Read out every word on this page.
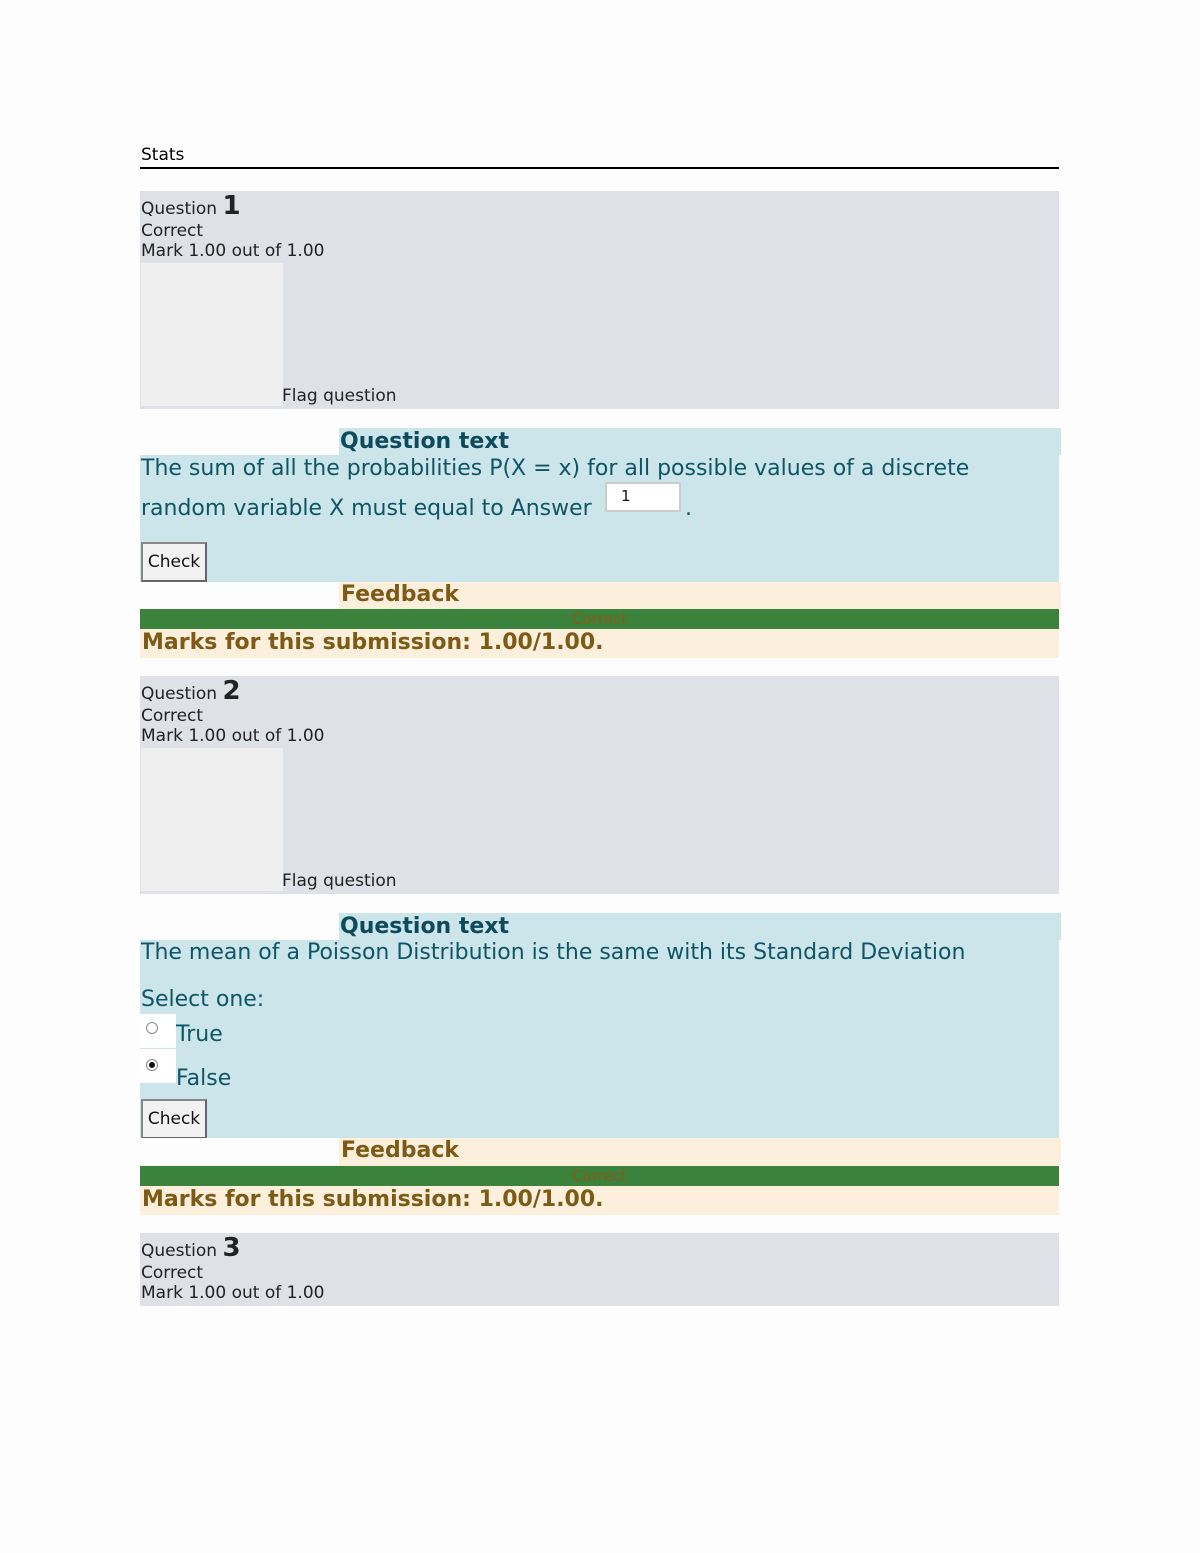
Stats
Question 1
Correct
Mark 1.00 out of 1.00
Flag question
Question text
The sum of all the probabilities P(X = x) for all possible values of a discrete
random variable X must equal to Answer	1	.
Check
Feedback
Correct
Marks for this submission: 1.00/1.00.
Question 2
Correct
Mark 1.00 out of 1.00
Flag question
Question text
The mean of a Poisson Distribution is the same with its Standard Deviation
Select one:
True
False
Check
Feedback
Correct
Marks for this submission: 1.00/1.00.
Question 3
Correct
Mark 1.00 out of 1.00
